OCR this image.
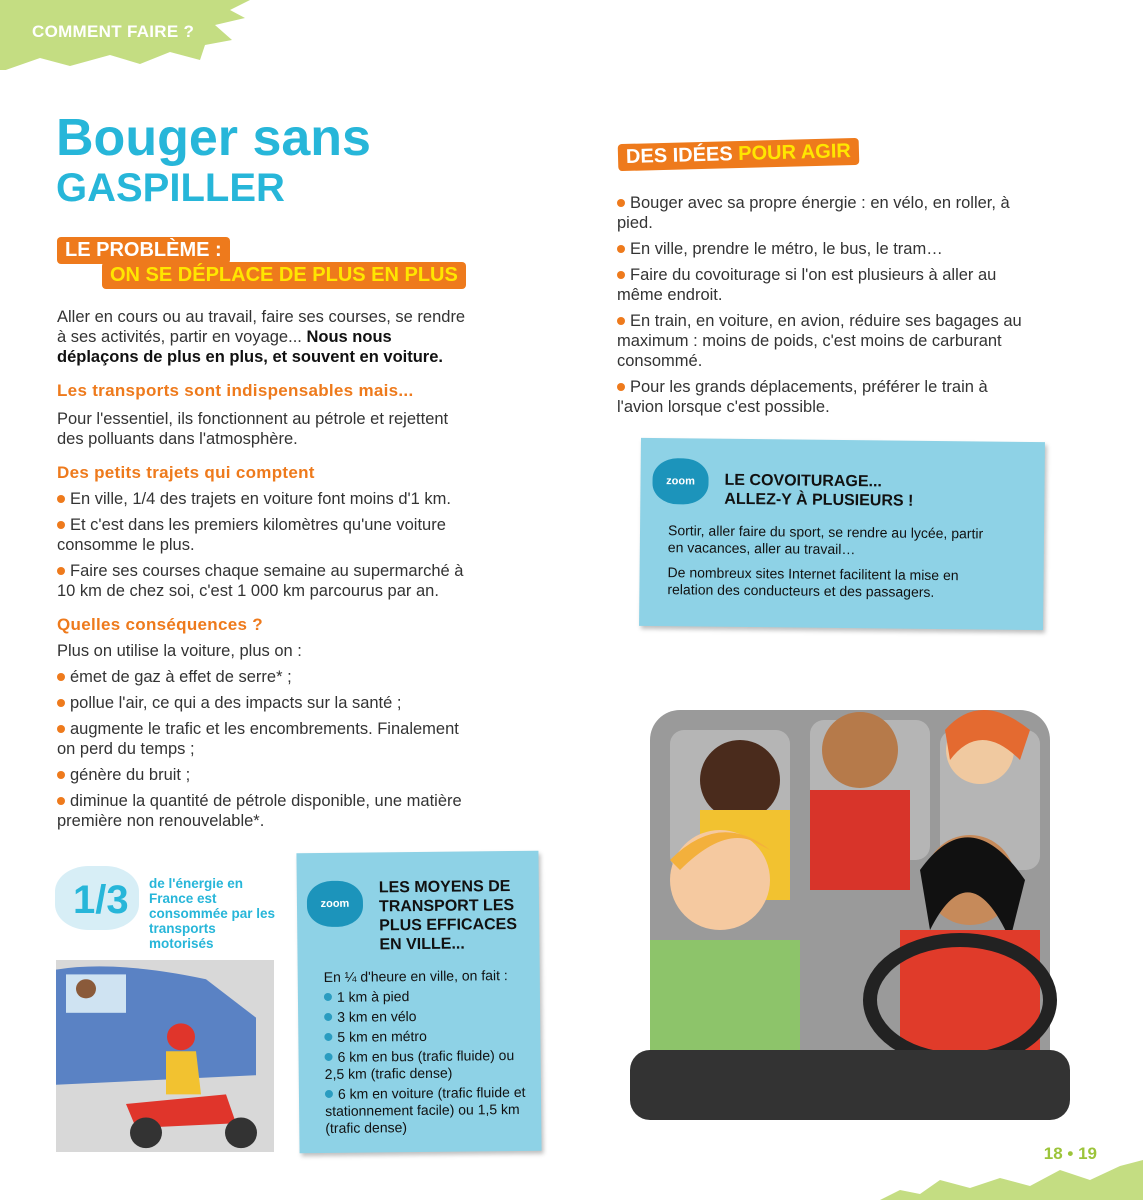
COMMENT FAIRE ?
Bouger sans
GASPILLER
LE PROBLÈME :
ON SE DÉPLACE DE PLUS EN PLUS

Aller en cours ou au travail, faire ses courses, se rendre à ses activités, partir en voyage... Nous nous déplaçons de plus en plus, et souvent en voiture.

Les transports sont indispensables mais...

Pour l'essentiel, ils fonctionnent au pétrole et rejettent des polluants dans l'atmosphère.

Des petits trajets qui comptent

En ville, 1/4 des trajets en voiture font moins d'1 km.

Et c'est dans les premiers kilomètres qu'une voiture consomme le plus.

Faire ses courses chaque semaine au supermarché à 10 km de chez soi, c'est 1 000 km parcourus par an.

Quelles conséquences ?

Plus on utilise la voiture, plus on :

émet de gaz à effet de serre* ;

pollue l'air, ce qui a des impacts sur la santé ;

augmente le trafic et les encombrements. Finalement on perd du temps ;

génère du bruit ;

diminue la quantité de pétrole disponible, une matière première non renouvelable*.

1/3 de l'énergie en France est consommée par les transports motorisés
zoom
LES MOYENS DE TRANSPORT LES PLUS EFFICACES EN VILLE...
En ¼ d'heure en ville, on fait :
1 km à pied
3 km en vélo
5 km en métro
6 km en bus (trafic fluide) ou 2,5 km (trafic dense)
6 km en voiture (trafic fluide et stationnement facile) ou 1,5 km (trafic dense)
DES IDÉES POUR AGIR

Bouger avec sa propre énergie : en vélo, en roller, à pied.

En ville, prendre le métro, le bus, le tram…

Faire du covoiturage si l'on est plusieurs à aller au même endroit.

En train, en voiture, en avion, réduire ses bagages au maximum : moins de poids, c'est moins de carburant consommé.

Pour les grands déplacements, préférer le train à l'avion lorsque c'est possible.

zoom	LE COVOITURAGE...
ALLEZ-Y À PLUSIEURS !

Sortir, aller faire du sport, se rendre au lycée, partir en vacances, aller au travail…

De nombreux sites Internet facilitent la mise en relation des conducteurs et des passagers.

18 • 19
